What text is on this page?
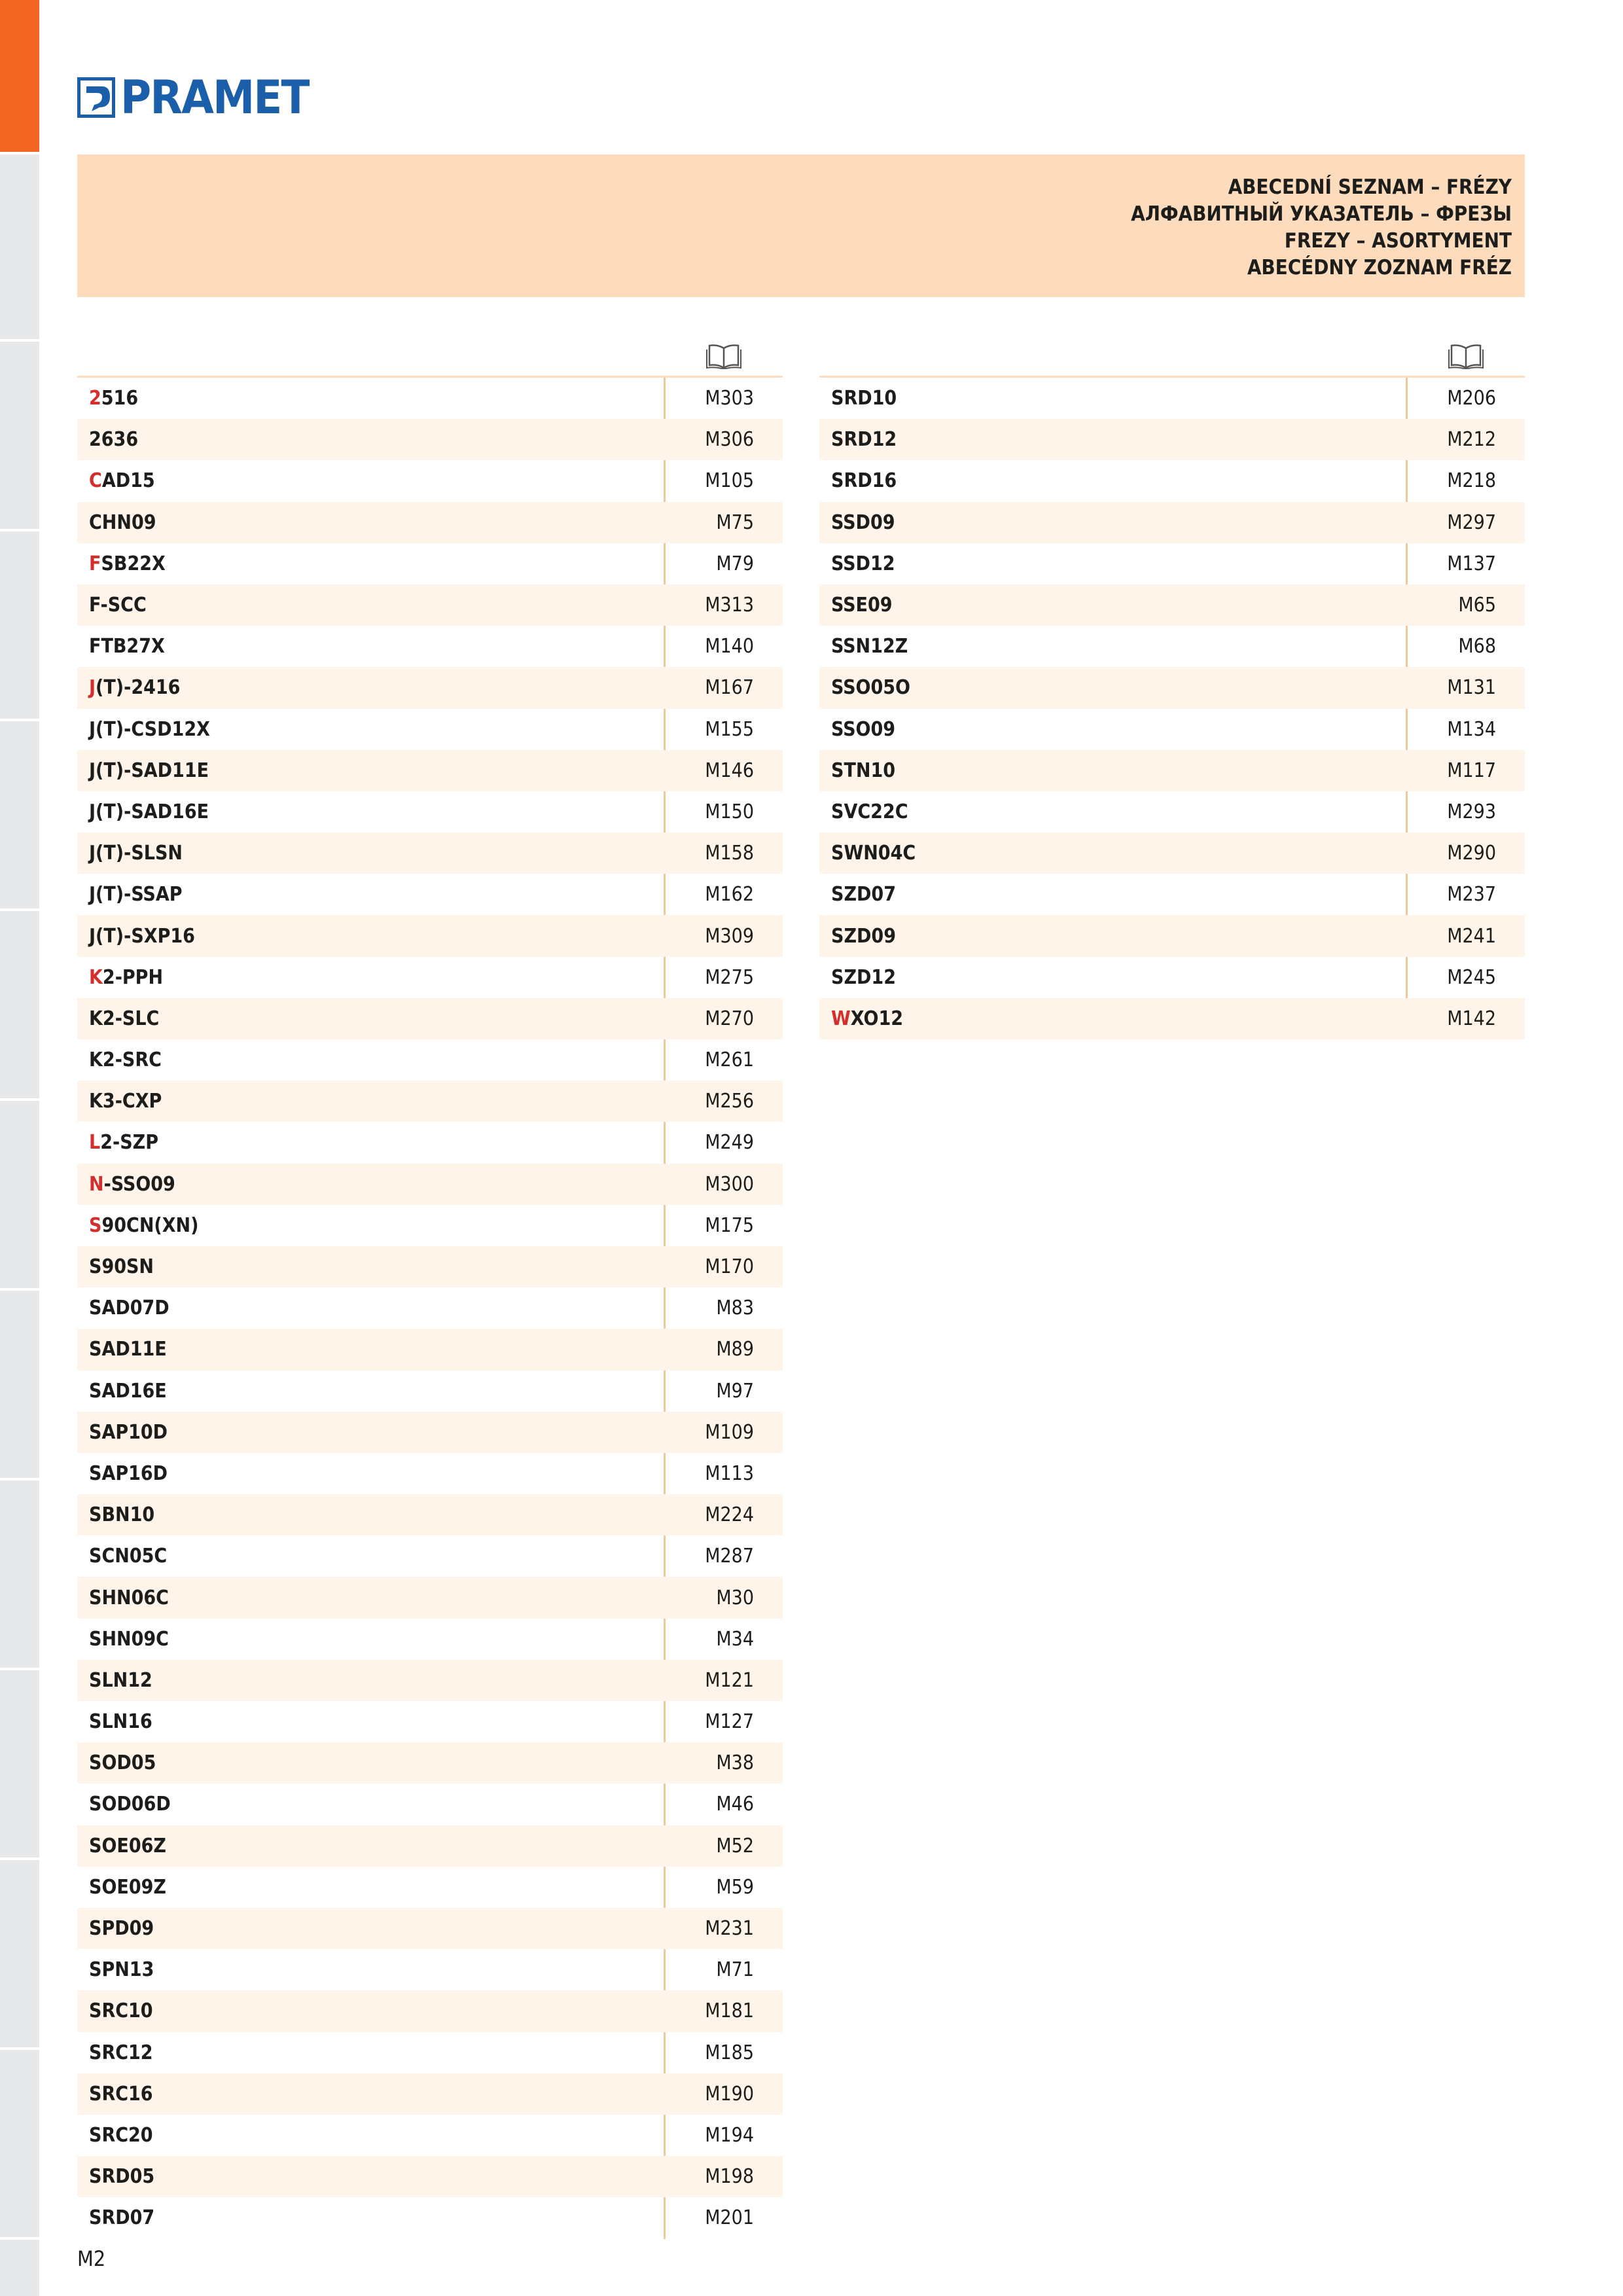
PRAMET
ABECEDNÍ SEZNAM – FRÉZY
АЛФАВИТНЫЙ УКАЗАТЕЛЬ – ФРЕЗЫ
FREZY – ASORTYMENT
ABECÉDNY ZOZNAM FRÉZ
2516	M303
2636	M306
CAD15	M105
CHN09	M75
FSB22X	M79
F-SCC	M313
FTB27X	M140
J(T)-2416	M167
J(T)-CSD12X	M155
J(T)-SAD11E	M146
J(T)-SAD16E	M150
J(T)-SLSN	M158
J(T)-SSAP	M162
J(T)-SXP16	M309
K2-PPH	M275
K2-SLC	M270
K2-SRC	M261
K3-CXP	M256
L2-SZP	M249
N-SSO09	M300
S90CN(XN)	M175
S90SN	M170
SAD07D	M83
SAD11E	M89
SAD16E	M97
SAP10D	M109
SAP16D	M113
SBN10	M224
SCN05C	M287
SHN06C	M30
SHN09C	M34
SLN12	M121
SLN16	M127
SOD05	M38
SOD06D	M46
SOE06Z	M52
SOE09Z	M59
SPD09	M231
SPN13	M71
SRC10	M181
SRC12	M185
SRC16	M190
SRC20	M194
SRD05	M198
SRD07	M201
SRD10	M206
SRD12	M212
SRD16	M218
SSD09	M297
SSD12	M137
SSE09	M65
SSN12Z	M68
SSO05O	M131
SSO09	M134
STN10	M117
SVC22C	M293
SWN04C	M290
SZD07	M237
SZD09	M241
SZD12	M245
WXO12	M142
M2
